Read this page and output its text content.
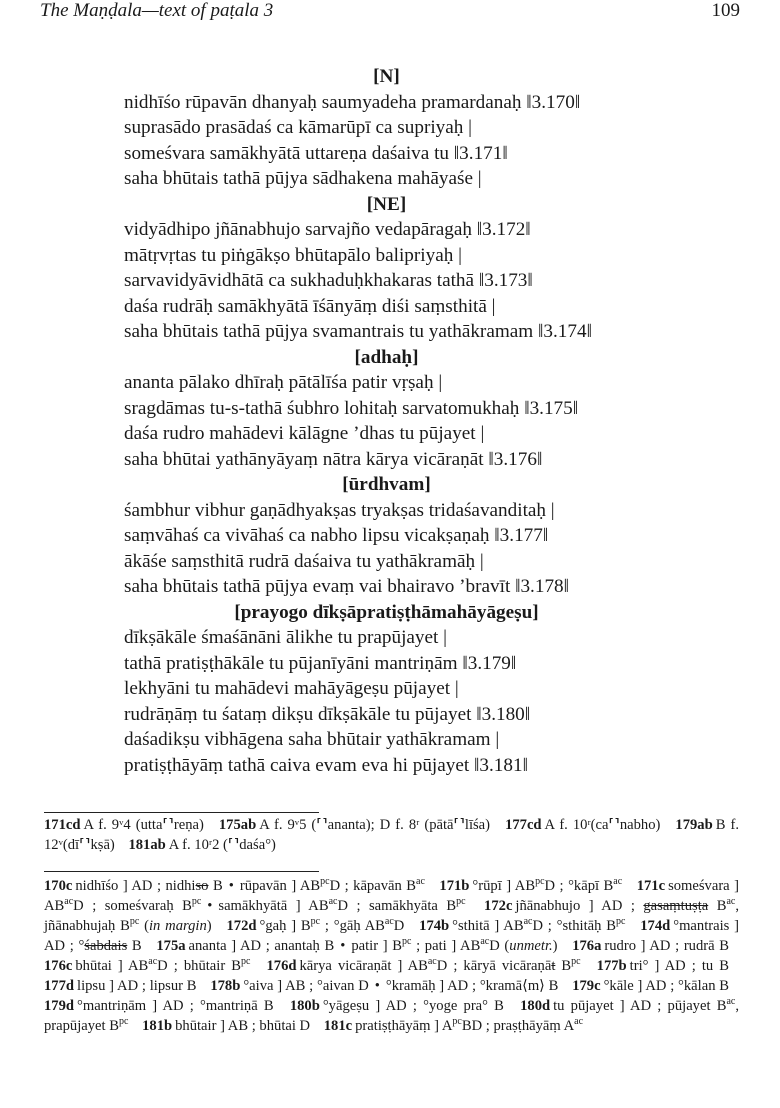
The Maṇḍala—text of paṭala 3	109
[N]
nidhīśo rūpavān dhanyaḥ saumyadeha pramardanaḥ ‖3.170‖
suprasādo prasādaś ca kāmarūpī ca supriyaḥ |
someśvara samākhyātā uttareṇa daśaiva tu ‖3.171‖
saha bhūtais tathā pūjya sādhakena mahāyaśe |
[NE]
vidyādhipo jñānabhujo sarvajño vedapāragaḥ ‖3.172‖
mātṛvṛtas tu piṅgākṣo bhūtapālo balipriyaḥ |
sarvavidyāvidhātā ca sukhaduḥkhakaras tathā ‖3.173‖
daśa rudrāḥ samākhyātā īśānyāṃ diśi saṃsthitā |
saha bhūtais tathā pūjya svamantrais tu yathākramam ‖3.174‖
[adhaḥ]
ananta pālako dhīraḥ pātālīśa patir vṛṣaḥ |
sragdāmas tu-s-tathā śubhro lohitaḥ sarvatomukhaḥ ‖3.175‖
daśa rudro mahādevi kālāgne ’dhas tu pūjayet |
saha bhūtai yathānyāyaṃ nātra kārya vicāraṇāt ‖3.176‖
[ūrdhvam]
śambhur vibhur gaṇādhyakṣas tryakṣas tridaśavanditaḥ |
saṃvāhaś ca vivāhaś ca nabho lipsu vicakṣaṇaḥ ‖3.177‖
ākāśe saṃsthitā rudrā daśaiva tu yathākramāḥ |
saha bhūtais tathā pūjya evaṃ vai bhairavo ’bravīt ‖3.178‖
[prayogo dīkṣāpratiṣṭhāmahāyāgeṣu]
dīkṣākāle śmaśānāni ālikhe tu prapūjayet |
tathā pratiṣṭhākāle tu pūjanīyāni mantriṇām ‖3.179‖
lekhyāni tu mahādevi mahāyāgeṣu pūjayet |
rudrāṇāṃ tu śataṃ dikṣu dīkṣākāle tu pūjayet ‖3.180‖
daśadikṣu vibhāgena saha bhūtair yathākramam |
pratiṣṭhāyāṃ tathā caiva evam eva hi pūjayet ‖3.181‖

171cd A f. 9ᵛ4 (utta⸢⸣reṇa) 175ab A f. 9ᵛ5 (⸢⸣ananta); D f. 8ʳ (pātā⸢⸣līśa) 177cd A f. 10ʳ(ca⸢⸣nabho) 179ab B f. 12ᵛ(dī⸢⸣kṣā) 181ab A f. 10ʳ2 (⸢⸣daśa°)

170c nidhīśo ] AD ; nidhiso B • rūpavān ] $AB^{pc}D$ ; kāpavān $B^{ac}$ 171b °rūpī ] $AB^{pc}D$ ; °kāpī $B^{ac}$ 171c someśvara ] $AB^{ac}D$ ; someśvaraḥ $B^{pc}$ • samākhyātā ] $AB^{ac}D$ ; samākhyāta $B^{pc}$ 172c jñānabhujo ] AD ; gasaṃtuṣṭa $B^{ac}$, jñānabhujaḥ $B^{pc}$ (in margin) 172d °gaḥ ] $B^{pc}$ ; °gāḥ $AB^{ac}D$ 174b °sthitā ] $AB^{ac}D$ ; °sthitāḥ $B^{pc}$ 174d °mantrais ] AD ; °śabdais B 175a ananta ] AD ; anantaḥ B • patir ] $B^{pc}$ ; pati ] $AB^{ac}D$ (unmetr.) 176a rudro ] AD ; rudrā B 176c bhūtai ] $AB^{ac}D$ ; bhūtair $B^{pc}$ 176d kārya vicāraṇāt ] $AB^{ac}D$ ; kāryā vicāraṇāt $B^{pc}$ 177b tri° ] AD ; tu B 177d lipsu ] AD ; lipsur B 178b °aiva ] AB ; °aivan D • °kramāḥ ] AD ; °kramā⟨m⟩ B 179c °kāle ] AD ; °kālan B 179d °mantriṇām ] AD ; °mantriṇā B 180b °yāgeṣu ] AD ; °yoge pra° B 180d tu pūjayet ] AD ; pūjayet $B^{ac}$, prapūjayet $B^{pc}$ 181b bhūtair ] AB ; bhūtai D 181c pratiṣṭhāyāṃ ] $A^{pc}BD$ ; praṣṭhāyāṃ $A^{ac}$
